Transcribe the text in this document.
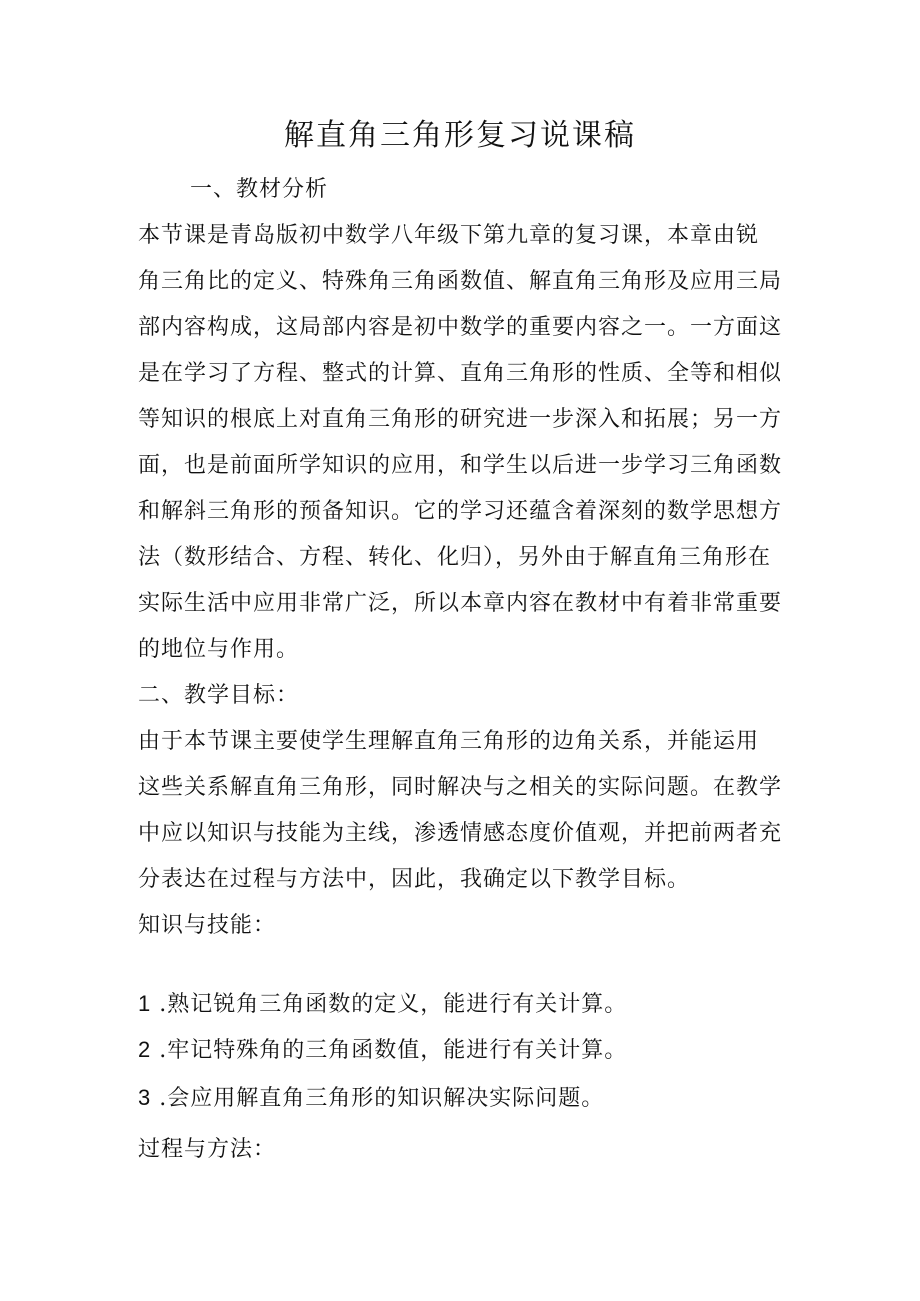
解直角三角形复习说课稿
一、教材分析
本节课是青岛版初中数学八年级下第九章的复习课，本章由锐
角三角比的定义、特殊角三角函数值、解直角三角形及应用三局
部内容构成，这局部内容是初中数学的重要内容之一。一方面这
是在学习了方程、整式的计算、直角三角形的性质、全等和相似
等知识的根底上对直角三角形的研究进一步深入和拓展；另一方
面，也是前面所学知识的应用，和学生以后进一步学习三角函数
和解斜三角形的预备知识。它的学习还蕴含着深刻的数学思想方
法（数形结合、方程、转化、化归），另外由于解直角三角形在
实际生活中应用非常广泛，所以本章内容在教材中有着非常重要
的地位与作用。
二、教学目标：
由于本节课主要使学生理解直角三角形的边角关系，并能运用
这些关系解直角三角形，同时解决与之相关的实际问题。在教学
中应以知识与技能为主线，渗透情感态度价值观，并把前两者充
分表达在过程与方法中，因此，我确定以下教学目标。
知识与技能：
1 .熟记锐角三角函数的定义，能进行有关计算。
2 .牢记特殊角的三角函数值，能进行有关计算。
3 .会应用解直角三角形的知识解决实际问题。
过程与方法：
